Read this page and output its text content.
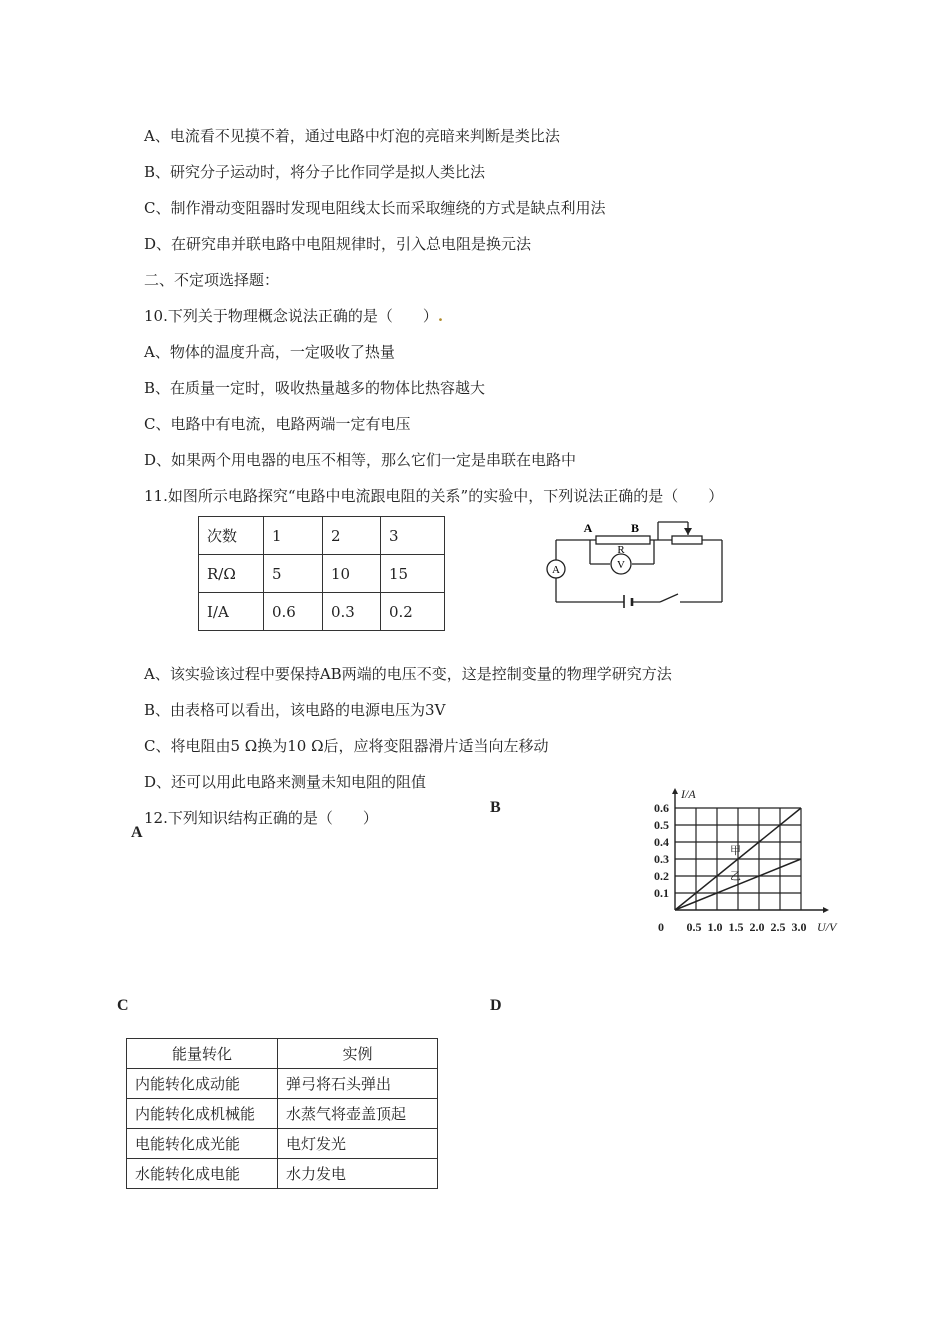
A、电流看不见摸不着，通过电路中灯泡的亮暗来判断是类比法
B、研究分子运动时，将分子比作同学是拟人类比法
C、制作滑动变阻器时发现电阻线太长而采取缠绕的方式是缺点利用法
D、在研究串并联电路中电阻规律时，引入总电阻是换元法
二、不定项选择题：
10.下列关于物理概念说法正确的是（　　）.
A、物体的温度升高，一定吸收了热量
B、在质量一定时，吸收热量越多的物体比热容越大
C、电路中有电流，电路两端一定有电压
D、如果两个用电器的电压不相等，那么它们一定是串联在电路中
11.如图所示电路探究“电路中电流跟电阻的关系”的实验中，下列说法正确的是（　　）
次数	1	2	3
R/Ω	5	10	15
I/A	0.6	0.3	0.2
A	V
A	B
R
A、该实验该过程中要保持AB两端的电压不变，这是控制变量的物理学研究方法
B、由表格可以看出，该电路的电源电压为3V
C、将电阻由5 Ω换为10 Ω后，应将变阻器滑片适当向左移动
D、还可以用此电路来测量未知电阻的阻值
12.下列知识结构正确的是（　　）
A
B
C	D
甲
乙
0.5 1.0 1.5 2.0 2.5 3.0
0.1
0.2
0.3
0.4
0.5
0.6
0	U/V
I/A
能量转化	实例
内能转化成动能	弹弓将石头弹出
内能转化成机械能	水蒸气将壶盖顶起
电能转化成光能	电灯发光
水能转化成电能	水力发电
